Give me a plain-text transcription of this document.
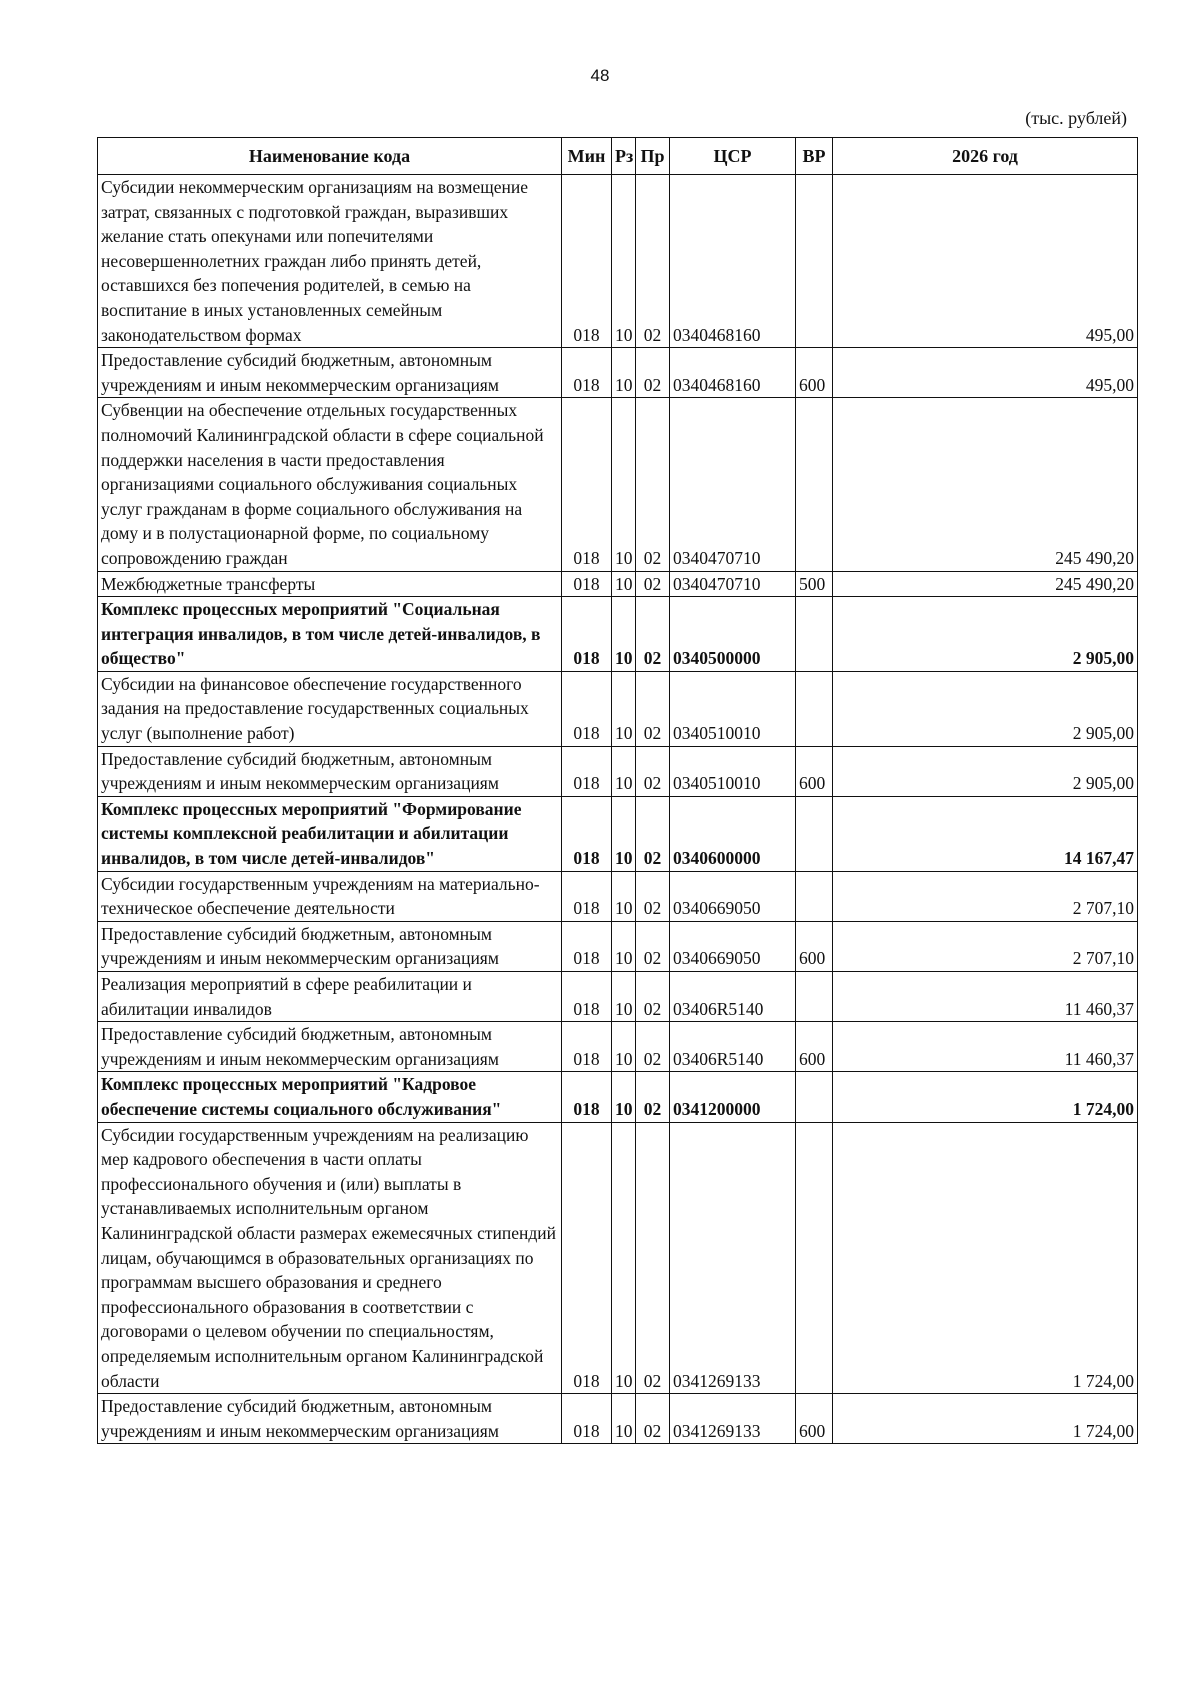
48
(тыс. рублей)
Наименование кода	Мин	Рз	Пр	ЦСР	ВР	2026 год
Субсидии некоммерческим организациям на возмещение затрат, связанных с подготовкой граждан, выразивших желание стать опекунами или попечителями несовершеннолетних граждан либо принять детей, оставшихся без попечения родителей, в семью на воспитание в иных установленных семейным законодательством формах	018	10	02	0340468160		495,00
Предоставление субсидий бюджетным, автономным учреждениям и иным некоммерческим организациям	018	10	02	0340468160	600	495,00
Субвенции на обеспечение отдельных государственных полномочий Калининградской области в сфере социальной поддержки населения в части предоставления организациями социального обслуживания социальных услуг гражданам в форме социального обслуживания на дому и в полустационарной форме, по социальному сопровождению граждан	018	10	02	0340470710		245 490,20
Межбюджетные трансферты	018	10	02	0340470710	500	245 490,20
Комплекс процессных мероприятий "Социальная интеграция инвалидов, в том числе детей-инвалидов, в общество"	018	10	02	0340500000		2 905,00
Субсидии на финансовое обеспечение государственного задания на предоставление государственных социальных услуг (выполнение работ)	018	10	02	0340510010		2 905,00
Предоставление субсидий бюджетным, автономным учреждениям и иным некоммерческим организациям	018	10	02	0340510010	600	2 905,00
Комплекс процессных мероприятий "Формирование системы комплексной реабилитации и абилитации инвалидов, в том числе детей-инвалидов"	018	10	02	0340600000		14 167,47
Субсидии государственным учреждениям на материально-техническое обеспечение деятельности	018	10	02	0340669050		2 707,10
Предоставление субсидий бюджетным, автономным учреждениям и иным некоммерческим организациям	018	10	02	0340669050	600	2 707,10
Реализация мероприятий в сфере реабилитации и абилитации инвалидов	018	10	02	03406R5140		11 460,37
Предоставление субсидий бюджетным, автономным учреждениям и иным некоммерческим организациям	018	10	02	03406R5140	600	11 460,37
Комплекс процессных мероприятий "Кадровое обеспечение системы социального обслуживания"	018	10	02	0341200000		1 724,00
Субсидии государственным учреждениям на реализацию мер кадрового обеспечения в части оплаты профессионального обучения и (или) выплаты в устанавливаемых исполнительным органом Калининградской области размерах ежемесячных стипендий лицам, обучающимся в образовательных организациях по программам высшего образования и среднего профессионального образования в соответствии с договорами о целевом обучении по специальностям, определяемым исполнительным органом Калининградской области	018	10	02	0341269133		1 724,00
Предоставление субсидий бюджетным, автономным учреждениям и иным некоммерческим организациям	018	10	02	0341269133	600	1 724,00
